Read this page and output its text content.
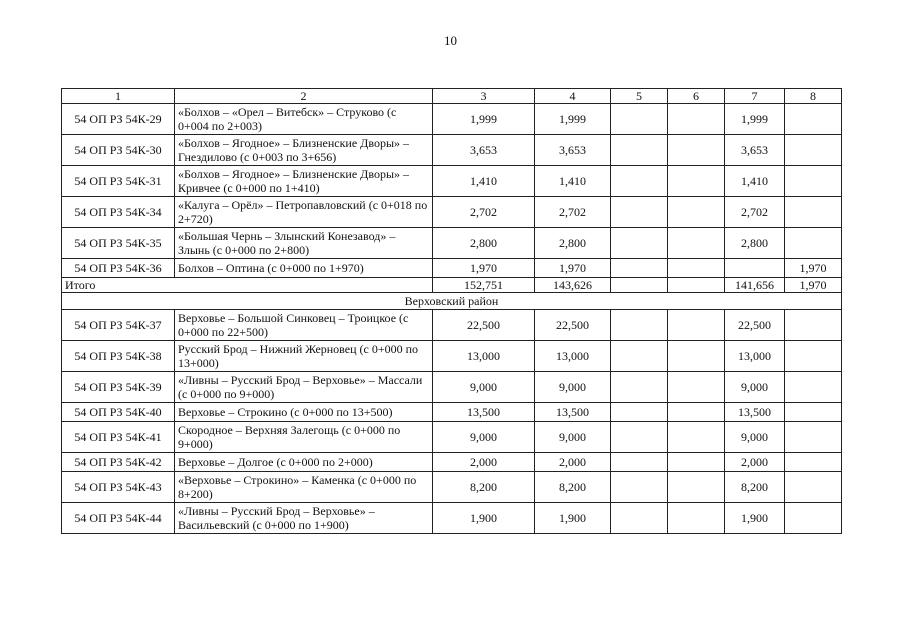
10
1	2	3	4	5	6	7	8
54 ОП РЗ 54К-29	«Болхов – «Орел – Витебск» – Струково (с 0+004 по 2+003)	1,999	1,999			1,999	
54 ОП РЗ 54К-30	«Болхов – Ягодное» – Близненские Дворы» – Гнездилово (с 0+003 по 3+656)	3,653	3,653			3,653	
54 ОП РЗ 54К-31	«Болхов – Ягодное» – Близненские Дворы» – Кривчее (с 0+000 по 1+410)	1,410	1,410			1,410	
54 ОП РЗ 54К-34	«Калуга – Орёл» – Петропавловский (с 0+018 по 2+720)	2,702	2,702			2,702	
54 ОП РЗ 54К-35	«Большая Чернь – Злынский Конезавод» – Злынь (с 0+000 по 2+800)	2,800	2,800			2,800	
54 ОП РЗ 54К-36	Болхов – Оптина (с 0+000 по 1+970)	1,970	1,970				1,970
Итого		152,751	143,626			141,656	1,970
Верховский район							
54 ОП РЗ 54К-37	Верховье – Большой Синковец – Троицкое (с 0+000 по 22+500)	22,500	22,500			22,500	
54 ОП РЗ 54К-38	Русский Брод – Нижний Жерновец (с 0+000 по 13+000)	13,000	13,000			13,000	
54 ОП РЗ 54К-39	«Ливны – Русский Брод – Верховье» – Массали (с 0+000 по 9+000)	9,000	9,000			9,000	
54 ОП РЗ 54К-40	Верховье – Строкино (с 0+000 по 13+500)	13,500	13,500			13,500	
54 ОП РЗ 54К-41	Скородное – Верхняя Залегощь (с 0+000 по 9+000)	9,000	9,000			9,000	
54 ОП РЗ 54К-42	Верховье – Долгое (с 0+000 по 2+000)	2,000	2,000			2,000	
54 ОП РЗ 54К-43	«Верховье – Строкино» – Каменка (с 0+000 по 8+200)	8,200	8,200			8,200	
54 ОП РЗ 54К-44	«Ливны – Русский Брод – Верховье» – Васильевский (с 0+000 по 1+900)	1,900	1,900			1,900	
